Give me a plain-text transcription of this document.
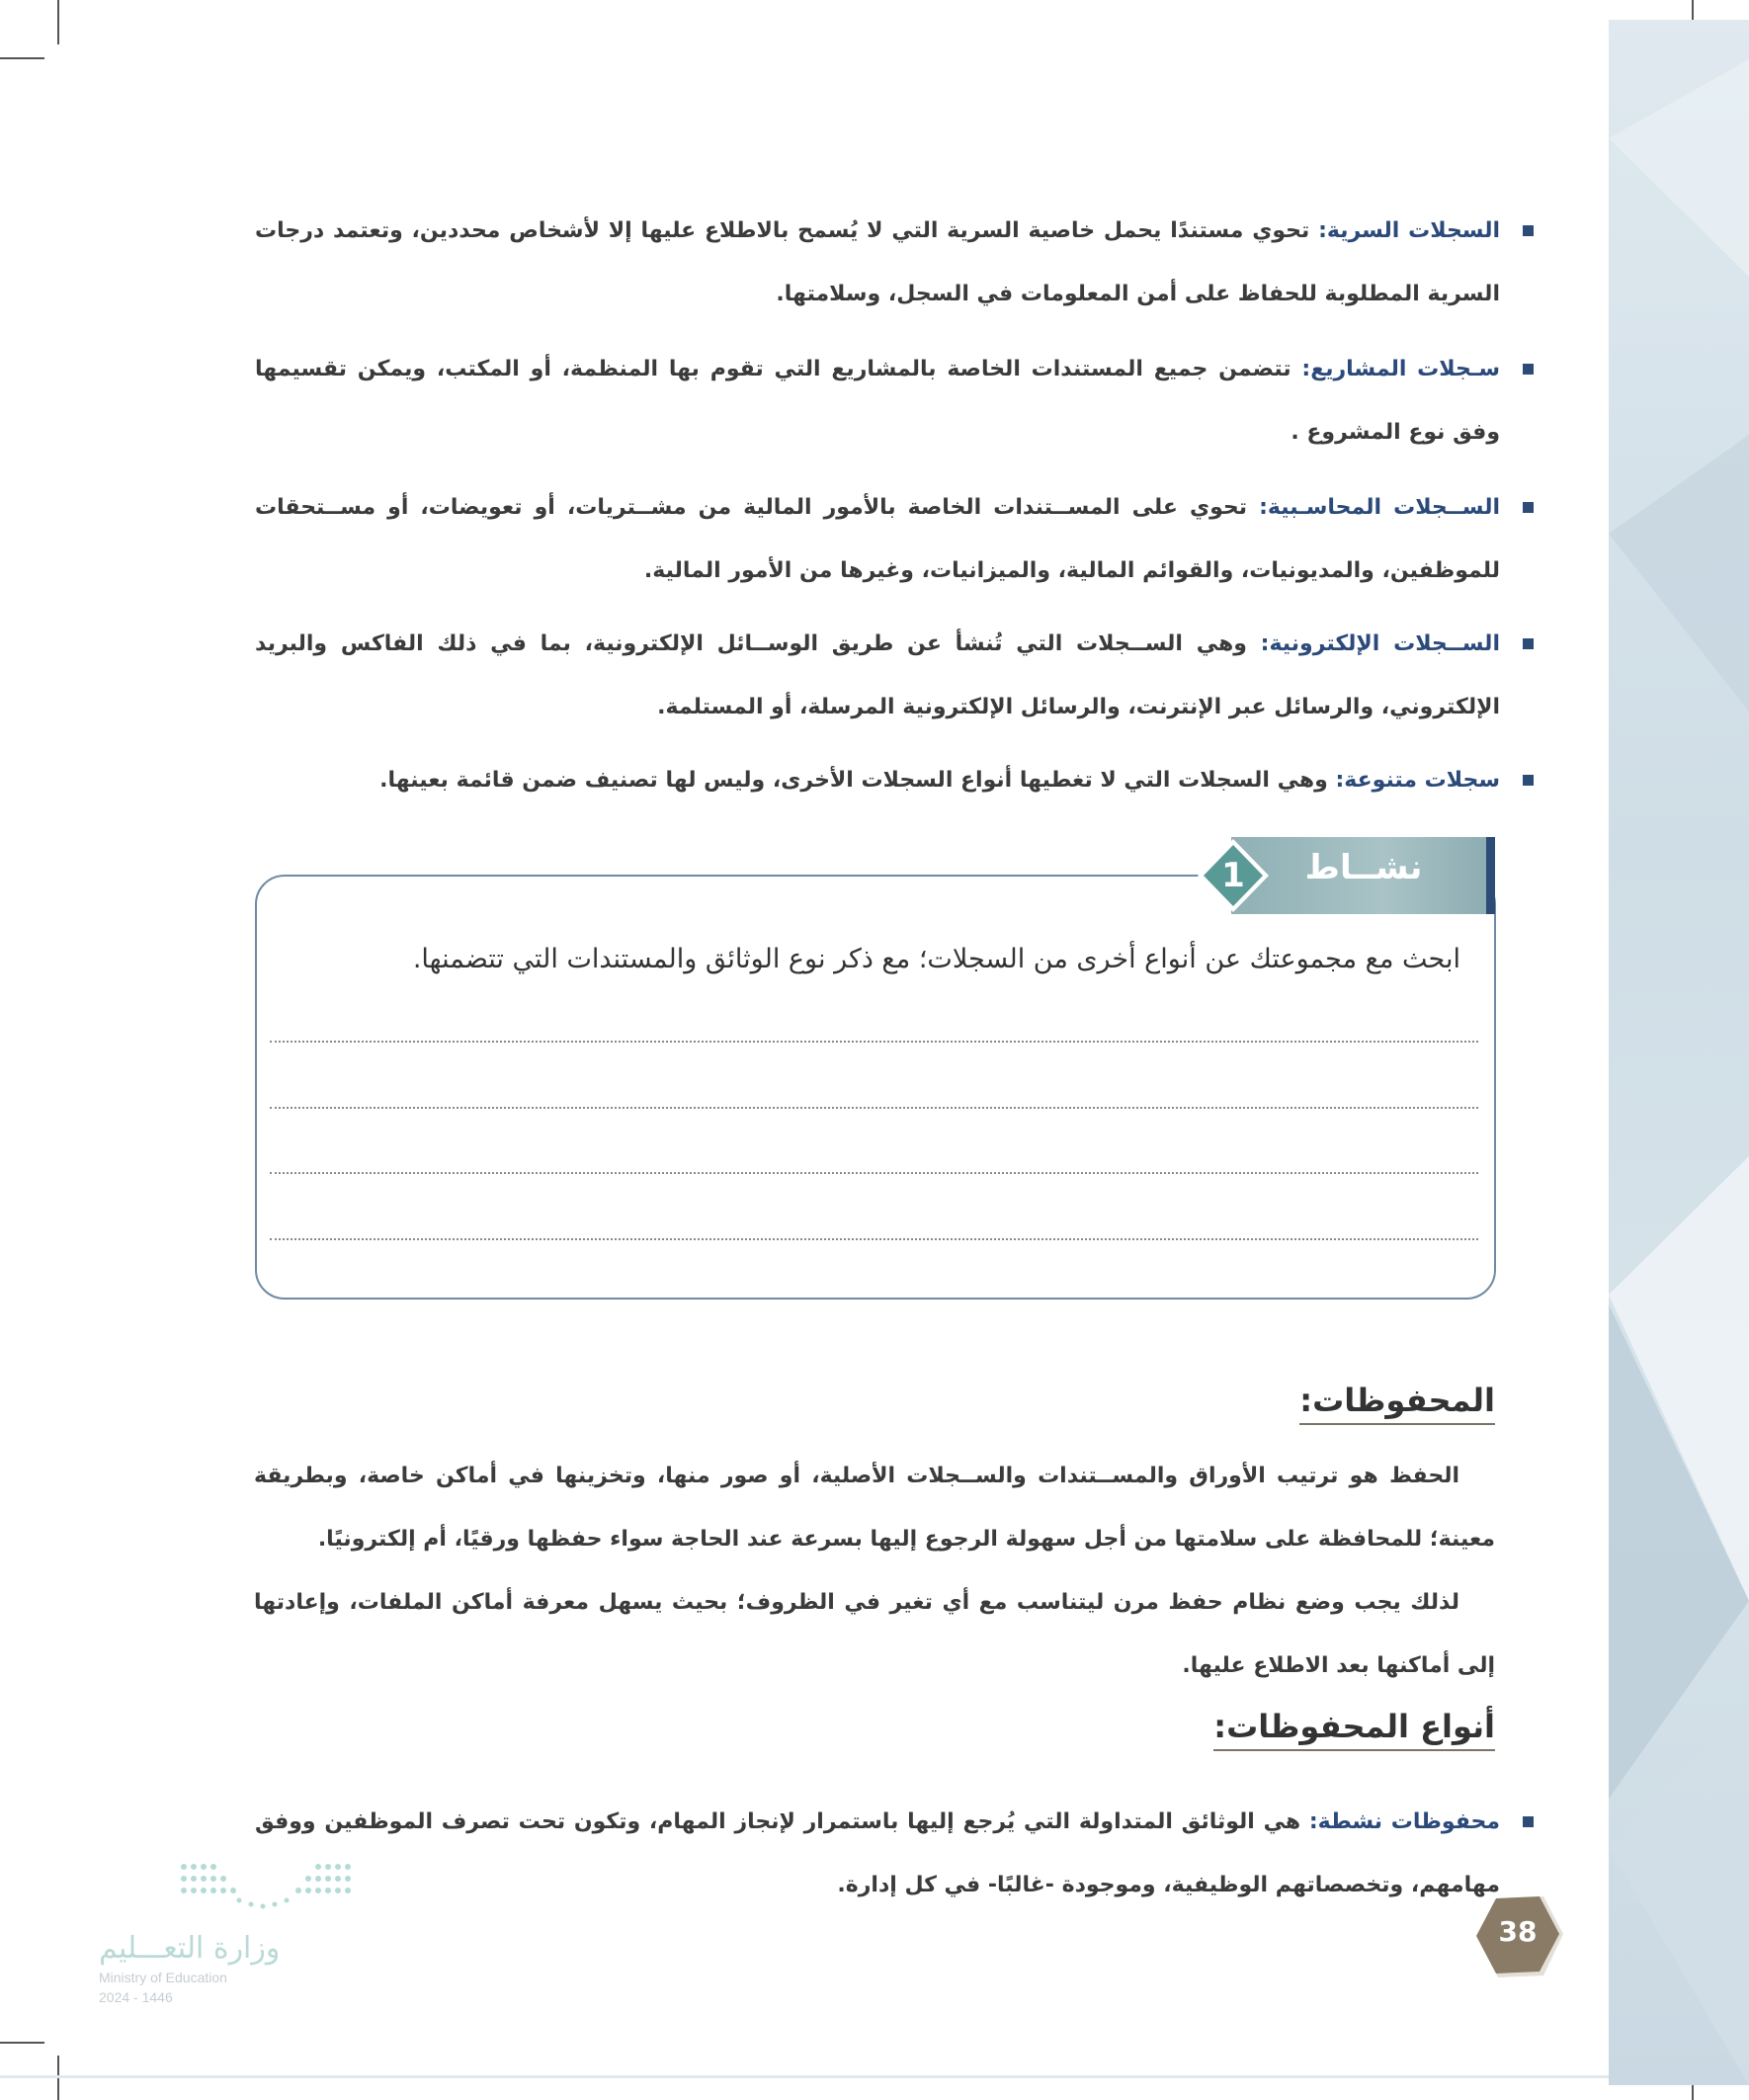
السجلات السرية: تحوي مستندًا يحمل خاصية السرية التي لا يُسمح بالاطلاع عليها إلا لأشخاص محددين، وتعتمد درجات السرية المطلوبة للحفاظ على أمن المعلومات في السجل، وسلامتها.

سـجلات المشاريع: تتضمن جميع المستندات الخاصة بالمشاريع التي تقوم بها المنظمة، أو المكتب، ويمكن تقسيمها وفق نوع المشروع .

الســجلات المحاسـبية: تحوي على المســتندات الخاصة بالأمور المالية من مشــتريات، أو تعويضات، أو مســتحقات للموظفين، والمديونيات، والقوائم المالية، والميزانيات، وغيرها من الأمور المالية.

الســجلات الإلكترونية: وهي الســجلات التي تُنشأ عن طريق الوســائل الإلكترونية، بما في ذلك الفاكس والبريد الإلكتروني، والرسائل عبر الإنترنت، والرسائل الإلكترونية المرسلة، أو المستلمة.

سجلات متنوعة: وهي السجلات التي لا تغطيها أنواع السجلات الأخرى، وليس لها تصنيف ضمن قائمة بعينها.

1	نشــاط
ابحث مع مجموعتك عن أنواع أخرى من السجلات؛ مع ذكر نوع الوثائق والمستندات التي تتضمنها.
المحفوظات:

الحفظ هو ترتيب الأوراق والمســتندات والســجلات الأصلية، أو صور منها، وتخزينها في أماكن خاصة، وبطريقة معينة؛ للمحافظة على سلامتها من أجل سهولة الرجوع إليها بسرعة عند الحاجة سواء حفظها ورقيًا، أم إلكترونيًا.

لذلك يجب وضع نظام حفظ مرن ليتناسب مع أي تغير في الظروف؛ بحيث يسهل معرفة أماكن الملفات، وإعادتها إلى أماكنها بعد الاطلاع عليها.

أنواع المحفوظات:

محفوظات نشطة: هي الوثائق المتداولة التي يُرجع إليها باستمرار لإنجاز المهام، وتكون تحت تصرف الموظفين ووفق مهامهم، وتخصصاتهم الوظيفية، وموجودة -غالبًا- في كل إدارة.

38
وزارة التعـــليم
Ministry of Education
2024 - 1446
